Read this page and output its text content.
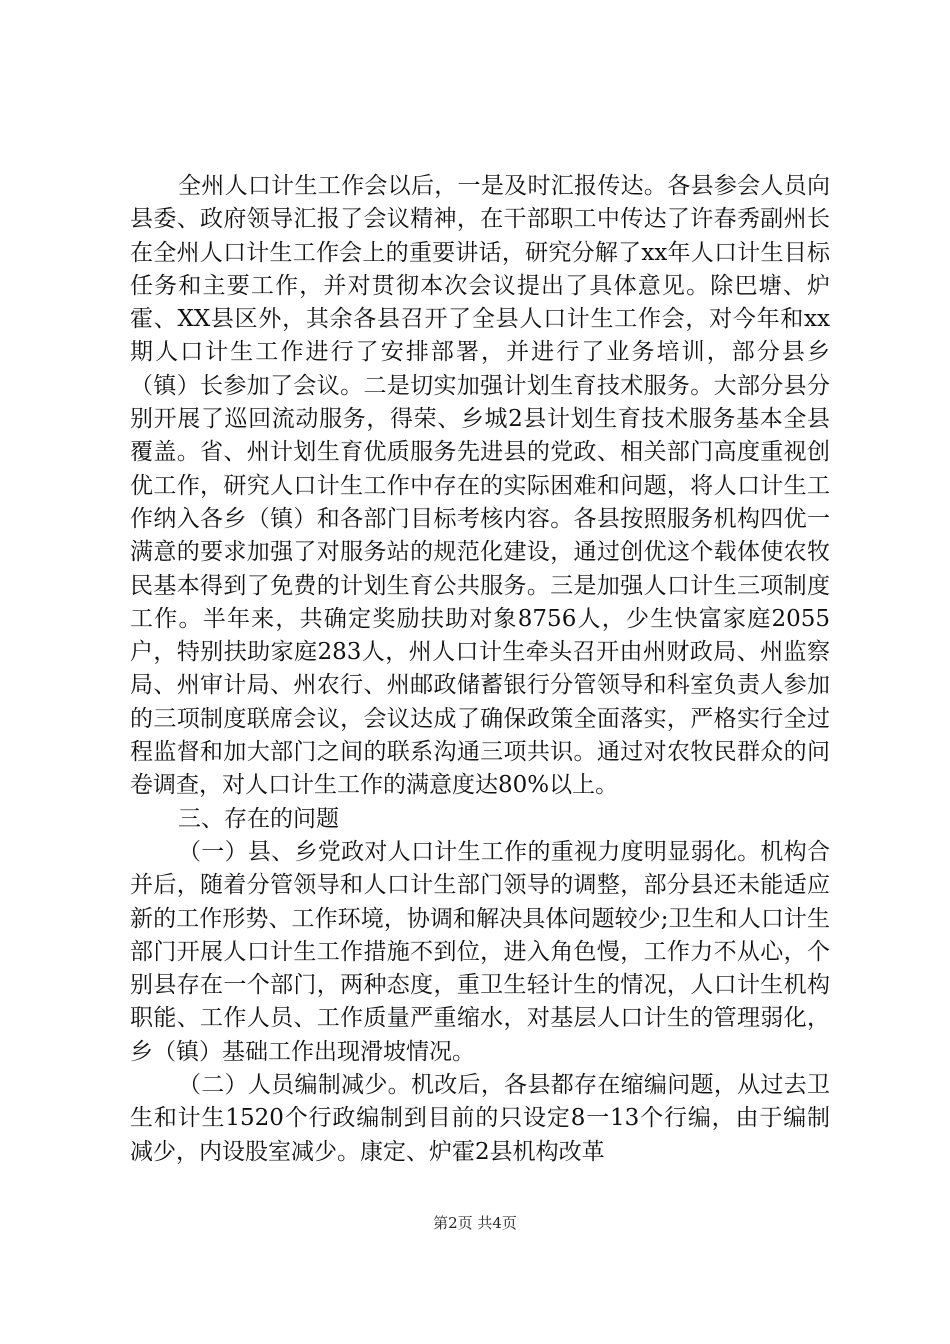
全州人口计生工作会以后，一是及时汇报传达。各县参会人员向县委、政府领导汇报了会议精神，在干部职工中传达了许春秀副州长在全州人口计生工作会上的重要讲话，研究分解了xx年人口计生目标任务和主要工作，并对贯彻本次会议提出了具体意见。除巴塘、炉霍、XX县区外，其余各县召开了全县人口计生工作会，对今年和xx期人口计生工作进行了安排部署，并进行了业务培训，部分县乡（镇）长参加了会议。二是切实加强计划生育技术服务。大部分县分别开展了巡回流动服务，得荣、乡城2县计划生育技术服务基本全县覆盖。省、州计划生育优质服务先进县的党政、相关部门高度重视创优工作，研究人口计生工作中存在的实际困难和问题，将人口计生工作纳入各乡（镇）和各部门目标考核内容。各县按照服务机构四优一满意的要求加强了对服务站的规范化建设，通过创优这个载体使农牧民基本得到了免费的计划生育公共服务。三是加强人口计生三项制度工作。半年来，共确定奖励扶助对象8756人，少生快富家庭2055户，特别扶助家庭283人，州人口计生牵头召开由州财政局、州监察局、州审计局、州农行、州邮政储蓄银行分管领导和科室负责人参加的三项制度联席会议，会议达成了确保政策全面落实，严格实行全过程监督和加大部门之间的联系沟通三项共识。通过对农牧民群众的问卷调查，对人口计生工作的满意度达80%以上。

三、存在的问题

（一）县、乡党政对人口计生工作的重视力度明显弱化。机构合并后，随着分管领导和人口计生部门领导的调整，部分县还未能适应新的工作形势、工作环境，协调和解决具体问题较少;卫生和人口计生部门开展人口计生工作措施不到位，进入角色慢，工作力不从心，个别县存在一个部门，两种态度，重卫生轻计生的情况，人口计生机构职能、工作人员、工作质量严重缩水，对基层人口计生的管理弱化，乡（镇）基础工作出现滑坡情况。

（二）人员编制减少。机改后，各县都存在缩编问题，从过去卫生和计生1520个行政编制到目前的只设定8一13个行编，由于编制减少，内设股室减少。康定、炉霍2县机构改革

第2页 共4页
